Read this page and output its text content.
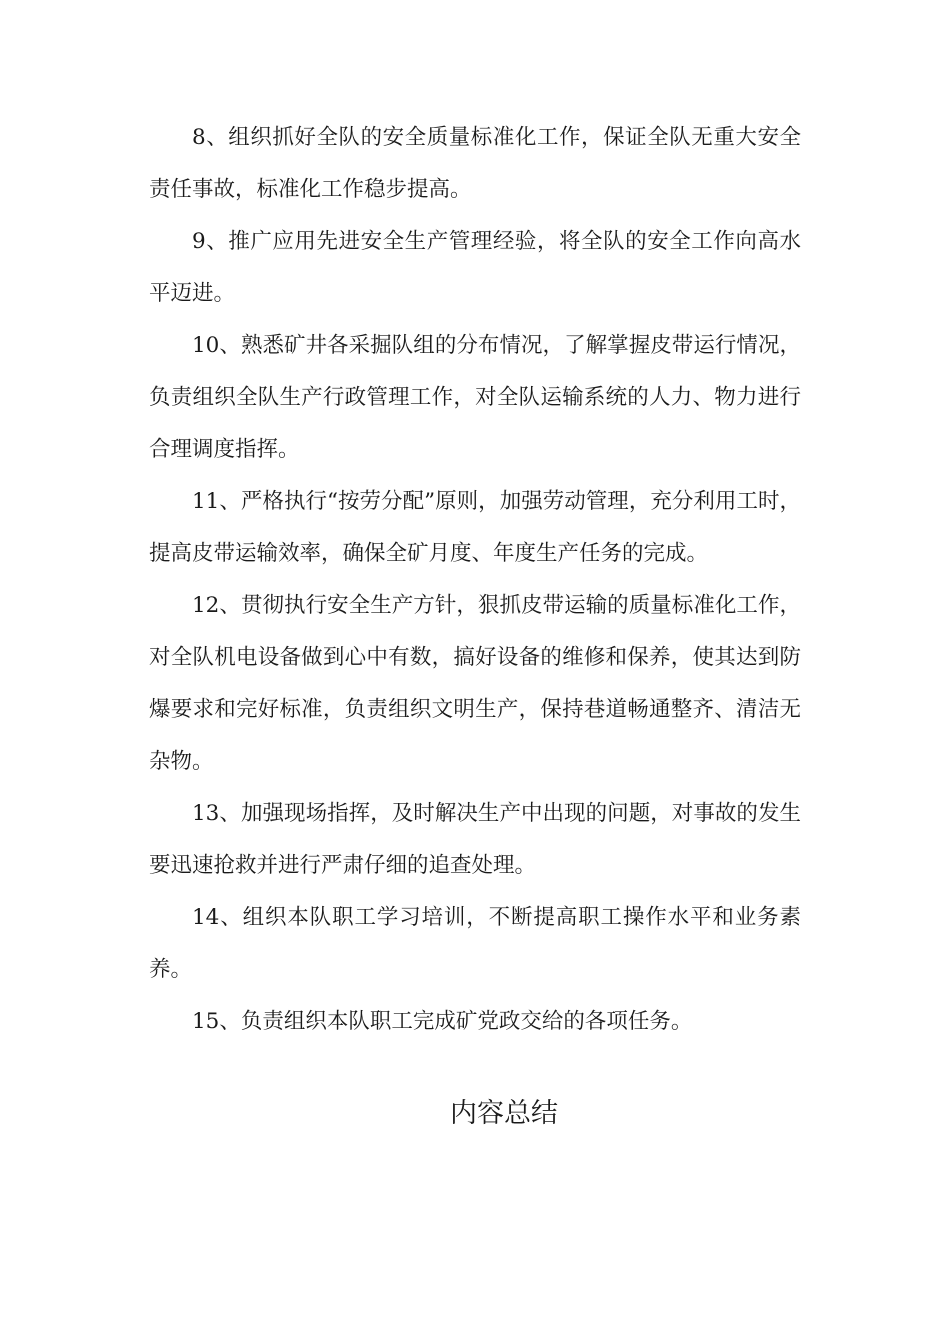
8、组织抓好全队的安全质量标准化工作，保证全队无重大安全责任事故，标准化工作稳步提高。

9、推广应用先进安全生产管理经验，将全队的安全工作向高水平迈进。

10、熟悉矿井各采掘队组的分布情况，了解掌握皮带运行情况，负责组织全队生产行政管理工作，对全队运输系统的人力、物力进行合理调度指挥。

11、严格执行“按劳分配”原则，加强劳动管理，充分利用工时，提高皮带运输效率，确保全矿月度、年度生产任务的完成。

12、贯彻执行安全生产方针，狠抓皮带运输的质量标准化工作，对全队机电设备做到心中有数，搞好设备的维修和保养，使其达到防爆要求和完好标准，负责组织文明生产，保持巷道畅通整齐、清洁无杂物。

13、加强现场指挥，及时解决生产中出现的问题，对事故的发生要迅速抢救并进行严肃仔细的追查处理。

14、组织本队职工学习培训，不断提高职工操作水平和业务素养。

15、负责组织本队职工完成矿党政交给的各项任务。

内容总结
